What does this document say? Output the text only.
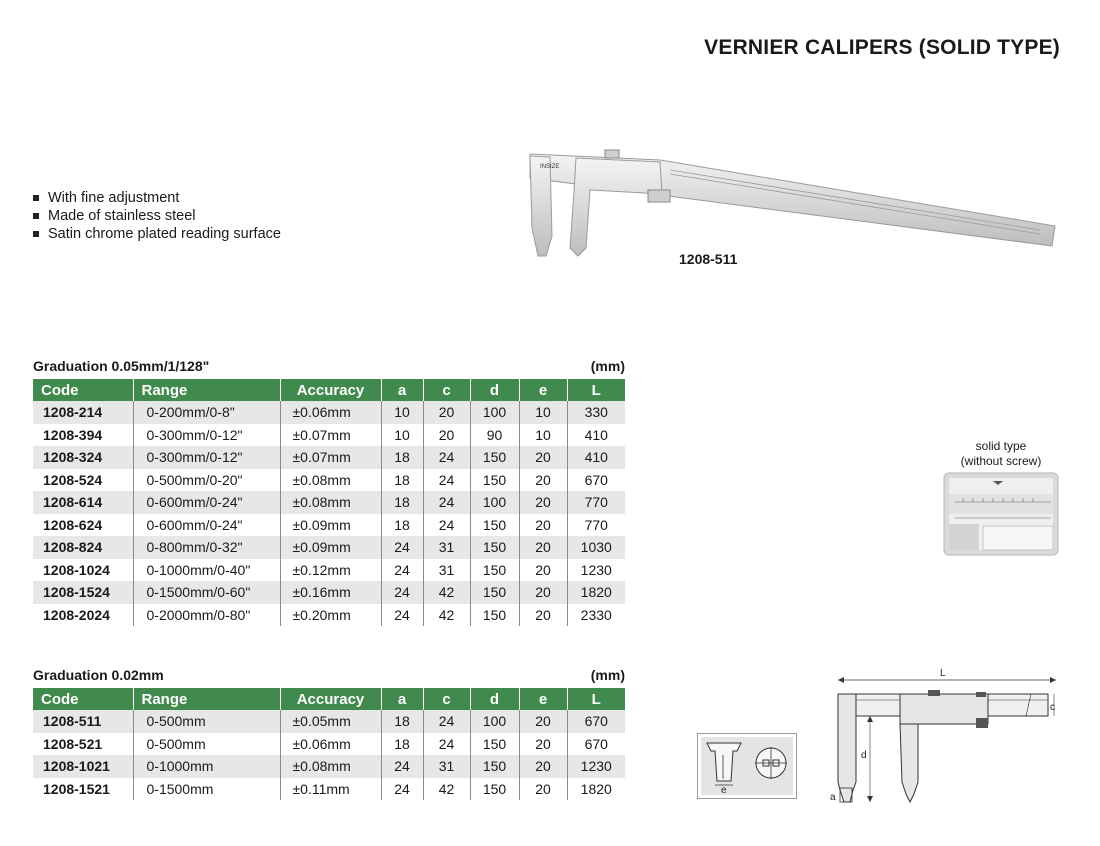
VERNIER CALIPERS (SOLID TYPE)
With fine adjustment
Made of stainless steel
Satin chrome plated reading surface
INSIZE
1208-511
Graduation 0.05mm/1/128"	(mm)
Code	Range	Accuracy	a	c	d	e	L
1208-214	0-200mm/0-8"	±0.06mm	10	20	100	10	330
1208-394	0-300mm/0-12"	±0.07mm	10	20	90	10	410
1208-324	0-300mm/0-12"	±0.07mm	18	24	150	20	410
1208-524	0-500mm/0-20"	±0.08mm	18	24	150	20	670
1208-614	0-600mm/0-24"	±0.08mm	18	24	100	20	770
1208-624	0-600mm/0-24"	±0.09mm	18	24	150	20	770
1208-824	0-800mm/0-32"	±0.09mm	24	31	150	20	1030
1208-1024	0-1000mm/0-40"	±0.12mm	24	31	150	20	1230
1208-1524	0-1500mm/0-60"	±0.16mm	24	42	150	20	1820
1208-2024	0-2000mm/0-80"	±0.20mm	24	42	150	20	2330
Graduation 0.02mm	(mm)
Code	Range	Accuracy	a	c	d	e	L
1208-511	0-500mm	±0.05mm	18	24	100	20	670
1208-521	0-500mm	±0.06mm	18	24	150	20	670
1208-1021	0-1000mm	±0.08mm	24	31	150	20	1230
1208-1521	0-1500mm	±0.11mm	24	42	150	20	1820
solid type
(without screw)
e
L
c
d
a
